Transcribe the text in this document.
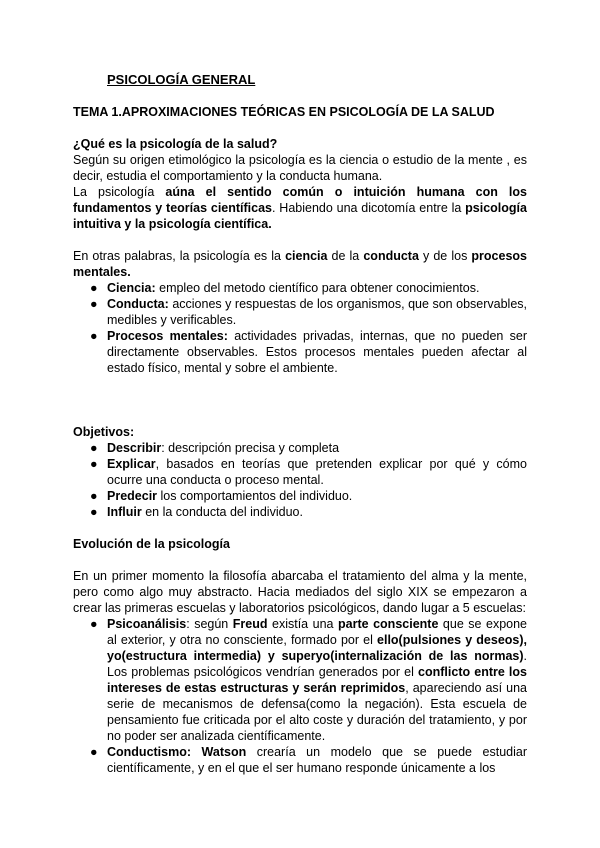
PSICOLOGÍA GENERAL
TEMA 1.APROXIMACIONES TEÓRICAS EN PSICOLOGÍA DE LA SALUD
¿Qué es la psicología de la salud?

Según su origen etimológico la psicología es la ciencia o estudio de la mente , es decir, estudia el comportamiento y la conducta humana.

La psicología aúna el sentido común o intuición humana con los fundamentos y teorías científicas. Habiendo una dicotomía entre la psicología intuitiva y la psicología científica.

En otras palabras, la psicología es la ciencia de la conducta y de los procesos mentales.

● Ciencia: empleo del metodo científico para obtener conocimientos.
● Conducta: acciones y respuestas de los organismos, que son observables, medibles y verificables.
● Procesos mentales: actividades privadas, internas, que no pueden ser directamente observables. Estos procesos mentales pueden afectar al estado físico, mental y sobre el ambiente.
Objetivos:
● Describir: descripción precisa y completa
● Explicar, basados en teorías que pretenden explicar por qué y cómo ocurre una conducta o proceso mental.
● Predecir los comportamientos del individuo.
● Influir en la conducta del individuo.
Evolución de la psicología

En un primer momento la filosofía abarcaba el tratamiento del alma y la mente, pero como algo muy abstracto. Hacia mediados del siglo XIX se empezaron a crear las primeras escuelas y laboratorios psicológicos, dando lugar a 5 escuelas:

● Psicoanálisis: según Freud existía una parte consciente que se expone al exterior, y otra no consciente, formado por el ello(pulsiones y deseos), yo(estructura intermedia) y superyo(internalización de las normas). Los problemas psicológicos vendrían generados por el conflicto entre los intereses de estas estructuras y serán reprimidos, apareciendo así una serie de mecanismos de defensa(como la negación). Esta escuela de pensamiento fue criticada por el alto coste y duración del tratamiento, y por no poder ser analizada científicamente.
● Conductismo: Watson crearía un modelo que se puede estudiar científicamente, y en el que el ser humano responde únicamente a los
